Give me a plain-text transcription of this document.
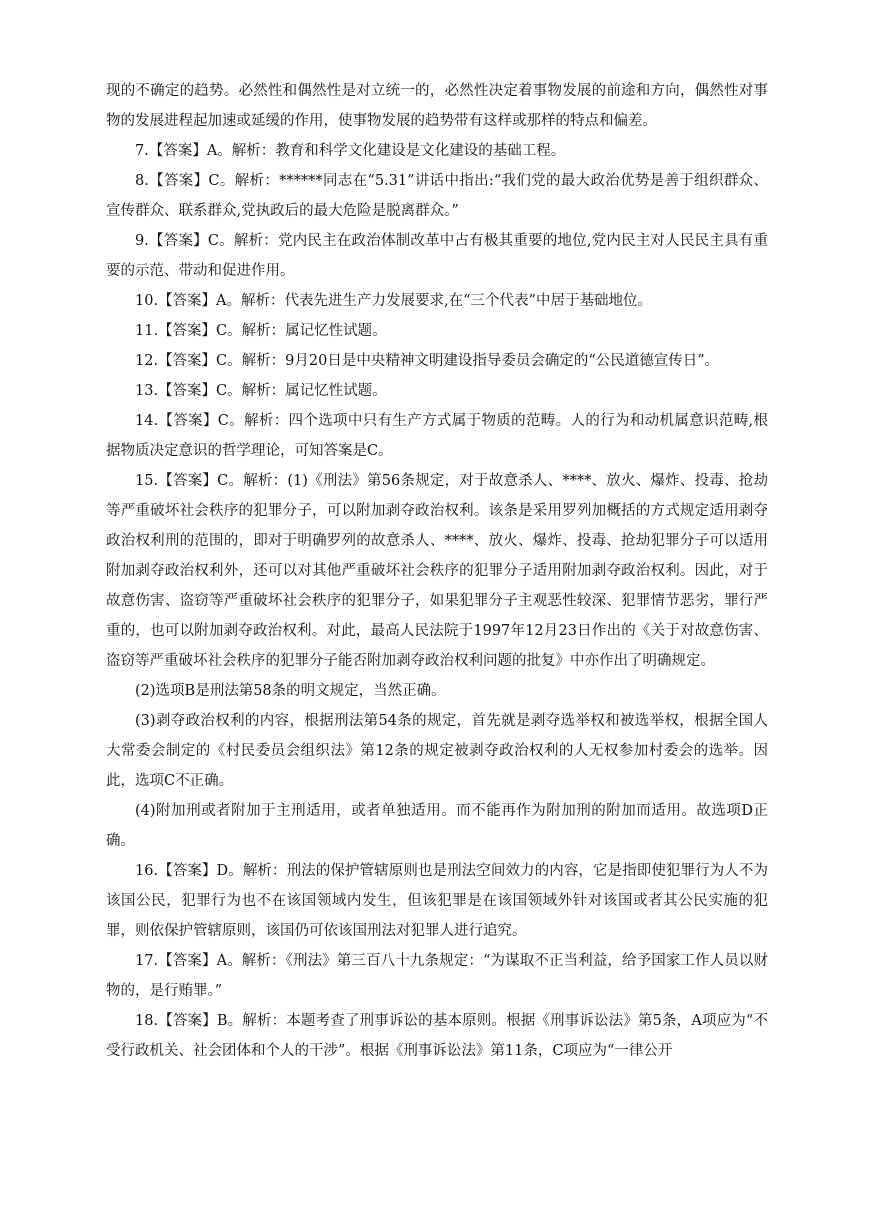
现的不确定的趋势。必然性和偶然性是对立统一的，必然性决定着事物发展的前途和方向，偶然性对事物的发展进程起加速或延缓的作用，使事物发展的趋势带有这样或那样的特点和偏差。

7.【答案】A。解析：教育和科学文化建设是文化建设的基础工程。

8.【答案】C。解析：******同志在“5.31”讲话中指出:“我们党的最大政治优势是善于组织群众、宣传群众、联系群众,党执政后的最大危险是脱离群众。”

9.【答案】C。解析：党内民主在政治体制改革中占有极其重要的地位,党内民主对人民民主具有重要的示范、带动和促进作用。

10.【答案】A。解析：代表先进生产力发展要求,在“三个代表”中居于基础地位。

11.【答案】C。解析：属记忆性试题。

12.【答案】C。解析：9月20日是中央精神文明建设指导委员会确定的“公民道德宣传日”。

13.【答案】C。解析：属记忆性试题。

14.【答案】C。解析：四个选项中只有生产方式属于物质的范畴。人的行为和动机属意识范畴,根据物质决定意识的哲学理论，可知答案是C。

15.【答案】C。解析：(1)《刑法》第56条规定，对于故意杀人、****、放火、爆炸、投毒、抢劫等严重破坏社会秩序的犯罪分子，可以附加剥夺政治权利。该条是采用罗列加概括的方式规定适用剥夺政治权利刑的范围的，即对于明确罗列的故意杀人、****、放火、爆炸、投毒、抢劫犯罪分子可以适用附加剥夺政治权利外，还可以对其他严重破坏社会秩序的犯罪分子适用附加剥夺政治权利。因此，对于故意伤害、盗窃等严重破坏社会秩序的犯罪分子，如果犯罪分子主观恶性较深、犯罪情节恶劣，罪行严重的，也可以附加剥夺政治权利。对此，最高人民法院于1997年12月23日作出的《关于对故意伤害、盗窃等严重破坏社会秩序的犯罪分子能否附加剥夺政治权利问题的批复》中亦作出了明确规定。

(2)选项B是刑法第58条的明文规定，当然正确。

(3)剥夺政治权利的内容，根据刑法第54条的规定，首先就是剥夺选举权和被选举权，根据全国人大常委会制定的《村民委员会组织法》第12条的规定被剥夺政治权利的人无权参加村委会的选举。因此，选项C不正确。

(4)附加刑或者附加于主刑适用，或者单独适用。而不能再作为附加刑的附加而适用。故选项D正确。

16.【答案】D。解析：刑法的保护管辖原则也是刑法空间效力的内容，它是指即使犯罪行为人不为该国公民，犯罪行为也不在该国领域内发生，但该犯罪是在该国领域外针对该国或者其公民实施的犯罪，则依保护管辖原则，该国仍可依该国刑法对犯罪人进行追究。

17.【答案】A。解析：《刑法》第三百八十九条规定：“为谋取不正当利益，给予国家工作人员以财物的，是行贿罪。”

18.【答案】B。解析：本题考查了刑事诉讼的基本原则。根据《刑事诉讼法》第5条，A项应为“不受行政机关、社会团体和个人的干涉”。根据《刑事诉讼法》第11条，C项应为“一律公开
